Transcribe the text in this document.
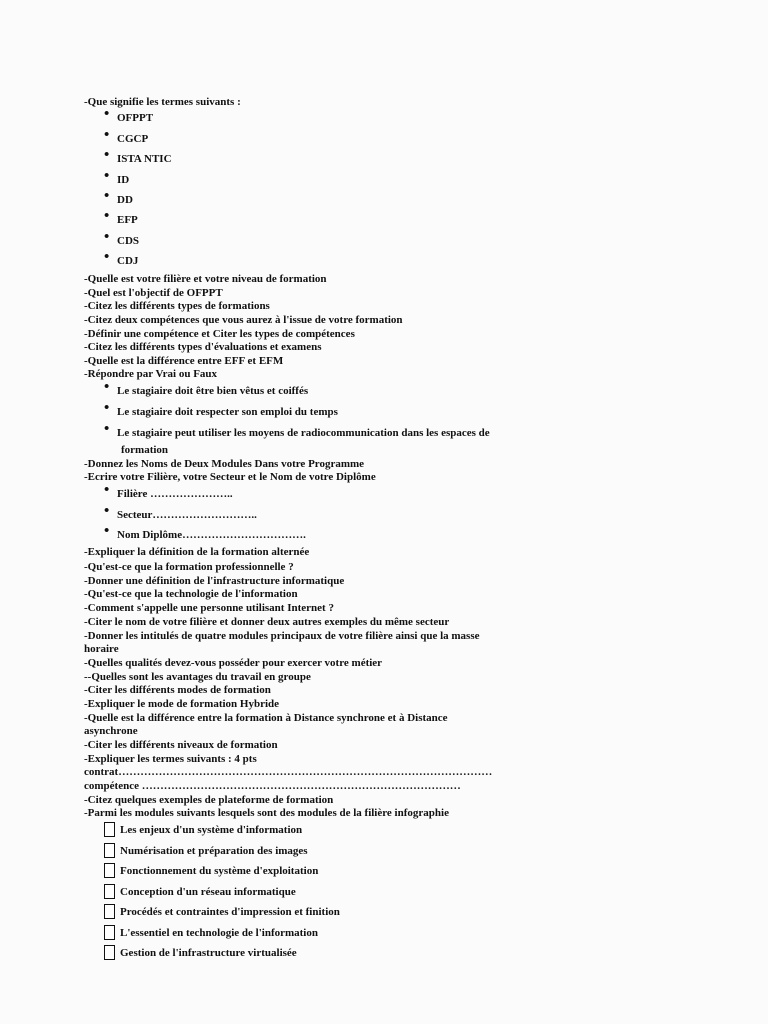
-Que signifie les termes suivants :
• OFPPT
• CGCP
• ISTA NTIC
• ID
• DD
• EFP
• CDS
• CDJ
-Quelle est votre filière et votre niveau de formation
-Quel est l'objectif de OFPPT
-Citez les différents types de formations
-Citez deux compétences que vous aurez à l'issue de votre formation
-Définir une compétence et Citer les types de compétences
-Citez les différents types d'évaluations et examens
-Quelle est la différence entre EFF et EFM
-Répondre par Vrai ou Faux
• Le stagiaire doit être bien vêtus et coiffés
• Le stagiaire doit respecter son emploi du temps
• Le stagiaire peut utiliser les moyens de radiocommunication dans les espaces de
formation
-Donnez les Noms de Deux Modules Dans votre Programme
-Ecrire votre Filière, votre Secteur et le Nom de votre Diplôme
• Filière …………………..
• Secteur………………………..
• Nom Diplôme…………………………….
-Expliquer la définition de la formation alternée
-Qu'est-ce que la formation professionnelle ?
-Donner une définition de l'infrastructure informatique
-Qu'est-ce que la technologie de l'information
-Comment s'appelle une personne utilisant Internet ?
-Citer le nom de votre filière et donner deux autres exemples du même secteur
-Donner les intitulés de quatre modules principaux de votre filière ainsi que la masse
horaire
-Quelles qualités devez-vous posséder pour exercer votre métier
--Quelles sont les avantages du travail en groupe
-Citer les différents modes de formation
-Expliquer le mode de formation Hybride
-Quelle est la différence entre la formation à Distance synchrone et à Distance
asynchrone
-Citer les différents niveaux de formation
-Expliquer les termes suivants : 4 pts
contrat…………………………………………………………………………………………
compétence ……………………………………………………………………………
-Citez quelques exemples de plateforme de formation
-Parmi les modules suivants lesquels sont des modules de la filière infographie
Les enjeux d'un système d'information
Numérisation et préparation des images
Fonctionnement du système d'exploitation
Conception d'un réseau informatique
Procédés et contraintes d'impression et finition
L'essentiel en technologie de l'information
Gestion de l'infrastructure virtualisée
